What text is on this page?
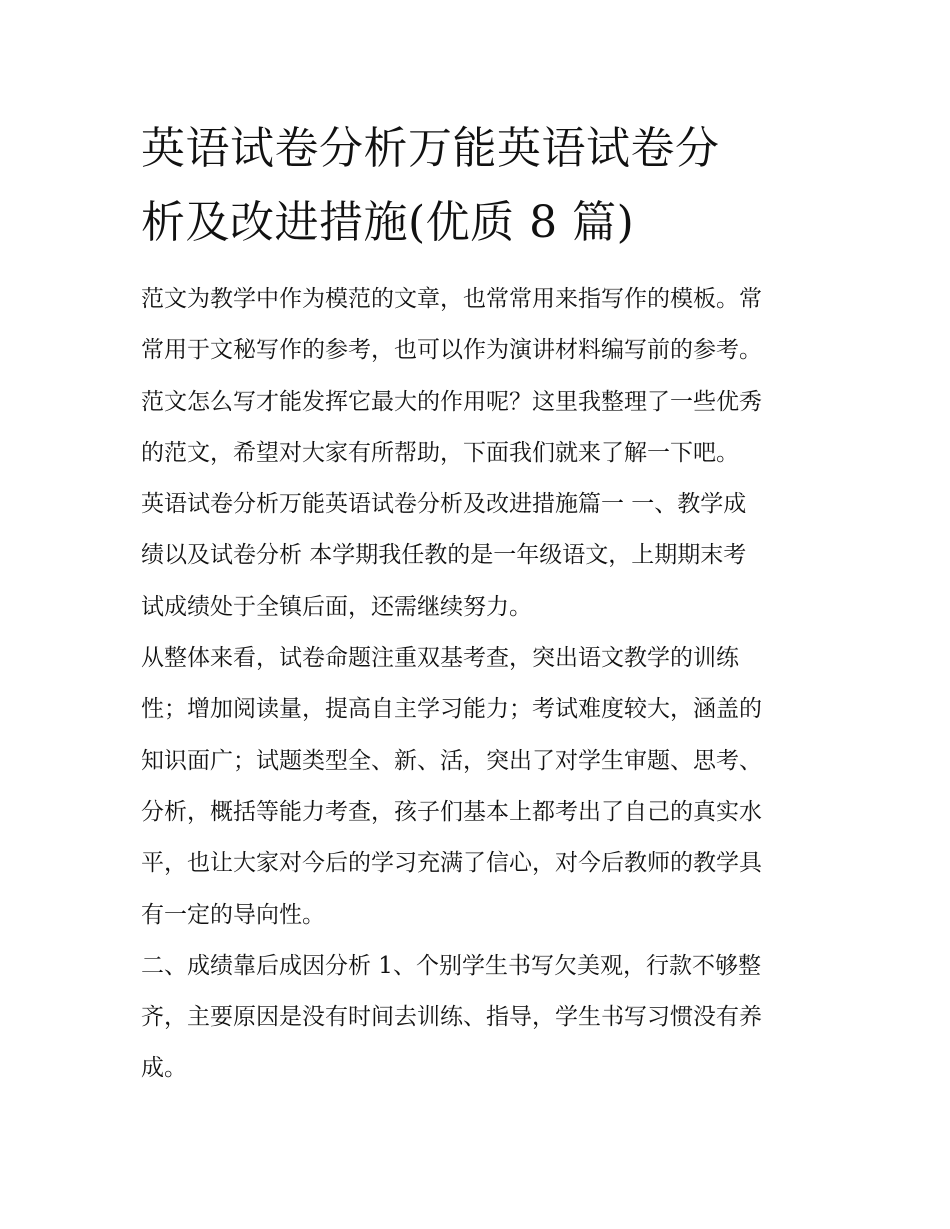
英语试卷分析万能英语试卷分
析及改进措施(优质 8 篇)

范文为教学中作为模范的文章，也常常用来指写作的模板。常
常用于文秘写作的参考，也可以作为演讲材料编写前的参考。
范文怎么写才能发挥它最大的作用呢？这里我整理了一些优秀
的范文，希望对大家有所帮助，下面我们就来了解一下吧。

英语试卷分析万能英语试卷分析及改进措施篇一 一、教学成
绩以及试卷分析 本学期我任教的是一年级语文，上期期末考
试成绩处于全镇后面，还需继续努力。

从整体来看，试卷命题注重双基考查，突出语文教学的训练
性；增加阅读量，提高自主学习能力；考试难度较大，涵盖的
知识面广；试题类型全、新、活，突出了对学生审题、思考、
分析，概括等能力考查，孩子们基本上都考出了自己的真实水
平，也让大家对今后的学习充满了信心，对今后教师的教学具
有一定的导向性。

二、成绩靠后成因分析 1、个别学生书写欠美观，行款不够整
齐，主要原因是没有时间去训练、指导，学生书写习惯没有养
成。
